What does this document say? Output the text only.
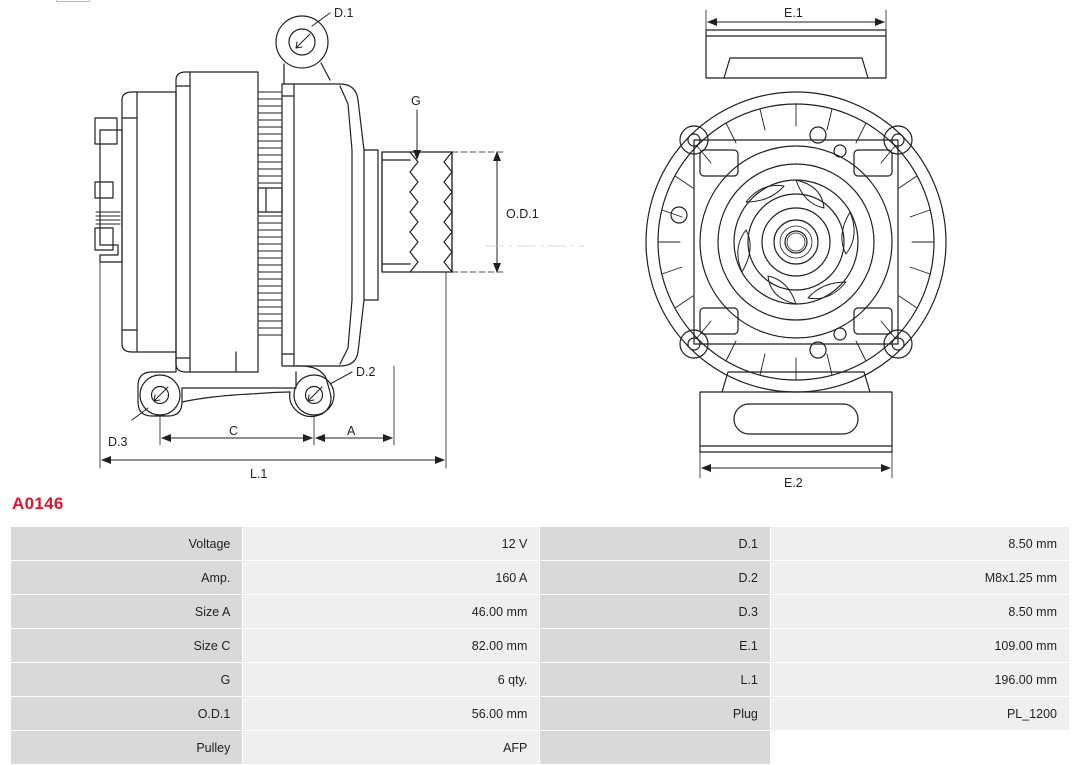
D.1
D.2
D.3
G
O.D.1
A
C
L.1
E.1
E.2
A0146
Voltage	12 V	D.1	8.50 mm
Amp.	160 A	D.2	M8x1.25 mm
Size A	46.00 mm	D.3	8.50 mm
Size C	82.00 mm	E.1	109.00 mm
G	6 qty.	L.1	196.00 mm
O.D.1	56.00 mm	Plug	PL_1200
Pulley	AFP		
